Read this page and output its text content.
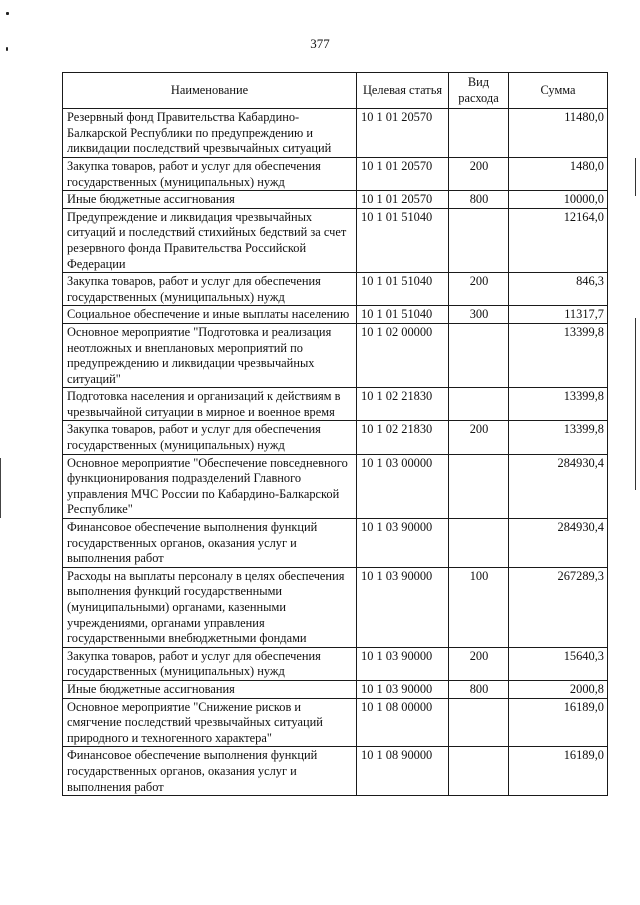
377
Наименование	Целевая статья	Вид расхода	Сумма
Резервный фонд Правительства Кабардино-Балкарской Республики по предупреждению и ликвидации последствий чрезвычайных ситуаций	10 1 01 20570		11480,0
Закупка товаров, работ и услуг для обеспечения государственных (муниципальных) нужд	10 1 01 20570	200	1480,0
Иные бюджетные ассигнования	10 1 01 20570	800	10000,0
Предупреждение и ликвидация чрезвычайных ситуаций и последствий стихийных бедствий за счет резервного фонда Правительства Российской Федерации	10 1 01 51040		12164,0
Закупка товаров, работ и услуг для обеспечения государственных (муниципальных) нужд	10 1 01 51040	200	846,3
Социальное обеспечение и иные выплаты населению	10 1 01 51040	300	11317,7
Основное мероприятие "Подготовка и реализация неотложных и внеплановых мероприятий по предупреждению и ликвидации чрезвычайных ситуаций"	10 1 02 00000		13399,8
Подготовка населения и организаций к действиям в чрезвычайной ситуации в мирное и военное время	10 1 02 21830		13399,8
Закупка товаров, работ и услуг для обеспечения государственных (муниципальных) нужд	10 1 02 21830	200	13399,8
Основное мероприятие "Обеспечение повседневного функционирования подразделений Главного управления МЧС России по Кабардино-Балкарской Республике"	10 1 03 00000		284930,4
Финансовое обеспечение выполнения функций государственных органов, оказания услуг и выполнения работ	10 1 03 90000		284930,4
Расходы на выплаты персоналу в целях обеспечения выполнения функций государственными (муниципальными) органами, казенными учреждениями, органами управления государственными внебюджетными фондами	10 1 03 90000	100	267289,3
Закупка товаров, работ и услуг для обеспечения государственных (муниципальных) нужд	10 1 03 90000	200	15640,3
Иные бюджетные ассигнования	10 1 03 90000	800	2000,8
Основное мероприятие "Снижение рисков и смягчение последствий чрезвычайных ситуаций природного и техногенного характера"	10 1 08 00000		16189,0
Финансовое обеспечение выполнения функций государственных органов, оказания услуг и выполнения работ	10 1 08 90000		16189,0
